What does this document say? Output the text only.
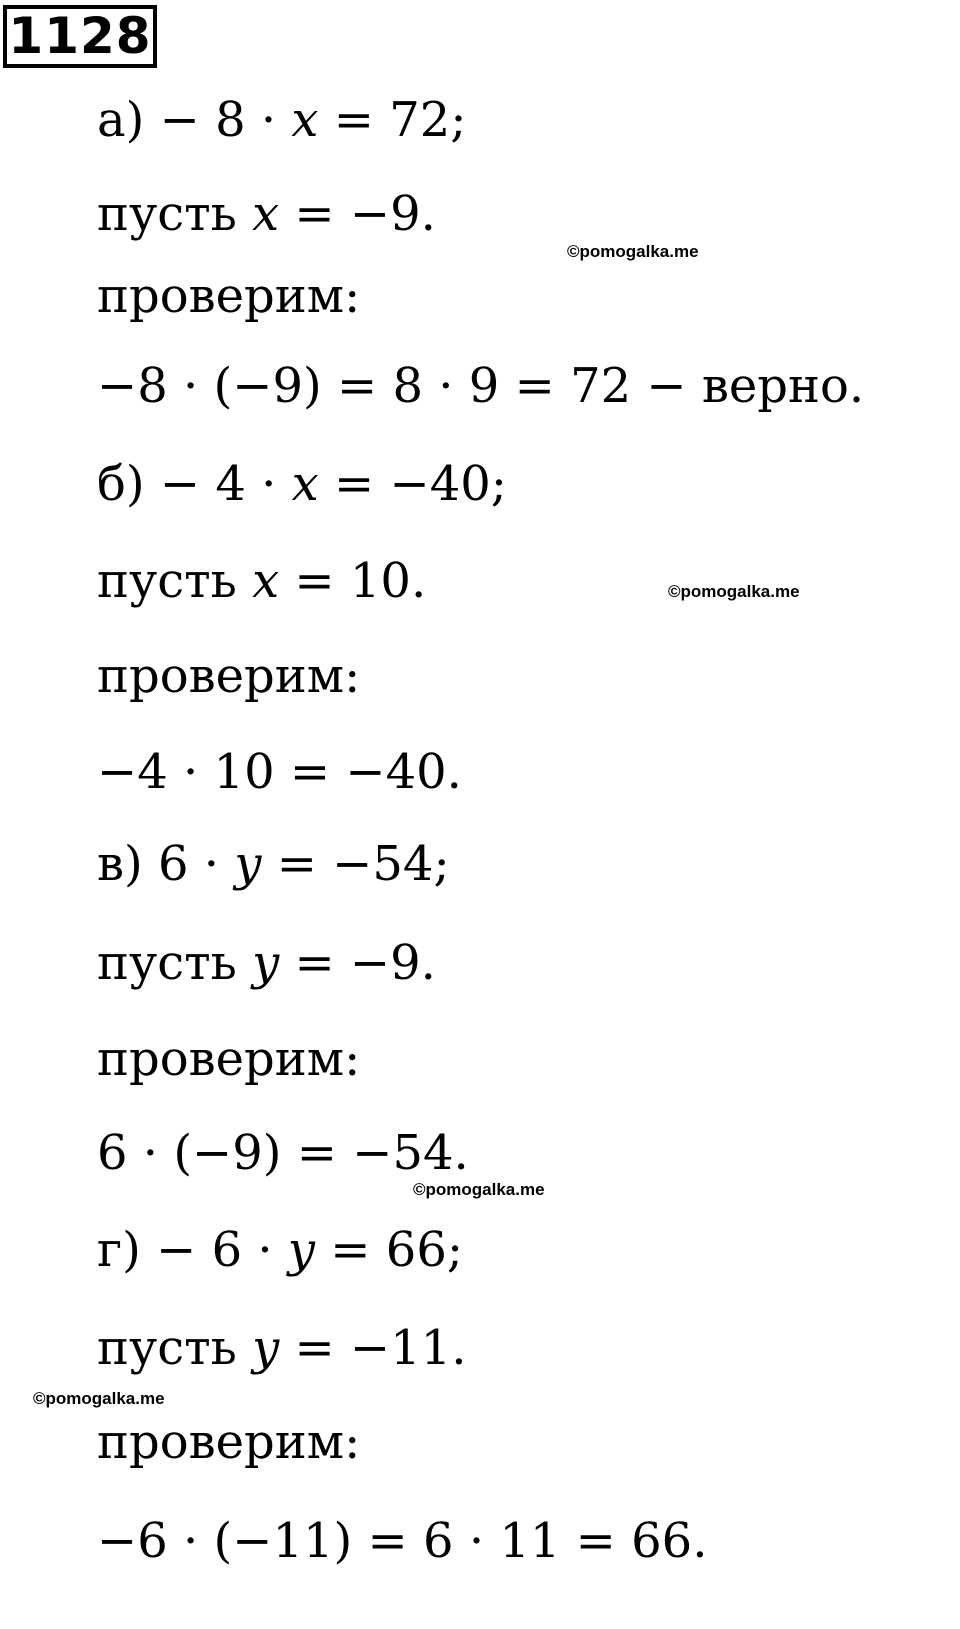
1128
а) − 8 · 𝑥 = 72;
пусть 𝑥 = −9.
проверим:
−8 · (−9) = 8 · 9 = 72 − верно.
б) − 4 · 𝑥 = −40;
пусть 𝑥 = 10.
проверим:
−4 · 10 = −40.
в) 6 · 𝑦 = −54;
пусть 𝑦 = −9.
проверим:
6 · (−9) = −54.
г) − 6 · 𝑦 = 66;
пусть 𝑦 = −11.
проверим:
−6 · (−11) = 6 · 11 = 66.
©pomogalka.me
©pomogalka.me
©pomogalka.me
©pomogalka.me
